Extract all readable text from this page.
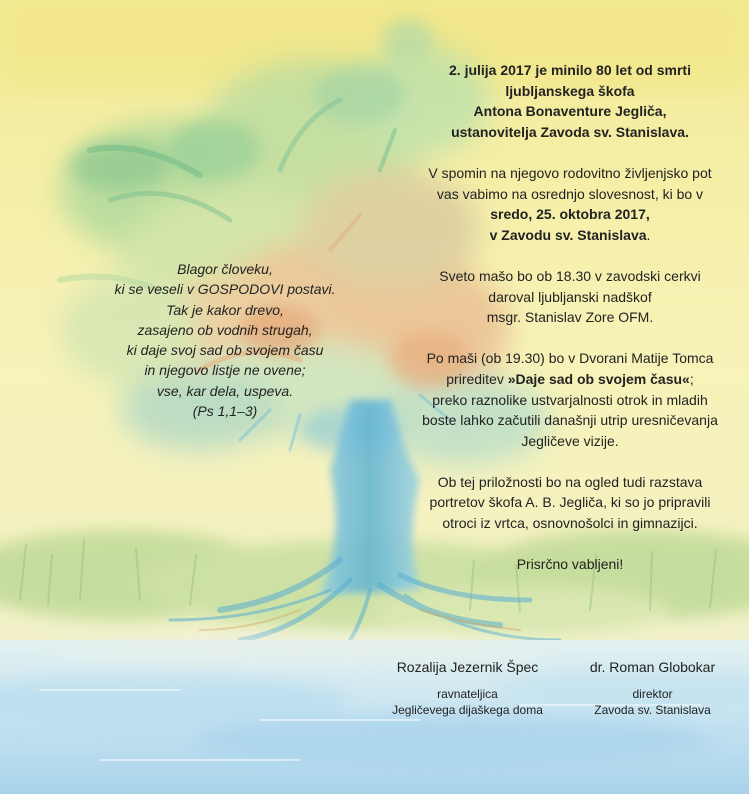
Blagor človeku,
ki se veseli v GOSPODOVI postavi.
Tak je kakor drevo,
zasajeno ob vodnih strugah,
ki daje svoj sad ob svojem času
in njegovo listje ne ovene;
vse, kar dela, uspeva.
(Ps 1,1–3)
2. julija 2017 je minilo 80 let od smrti
ljubljanskega škofa
Antona Bonaventure Jegliča,
ustanovitelja Zavoda sv. Stanislava.
V spomin na njegovo rodovitno življenjsko pot
vas vabimo na osrednjo slovesnost, ki bo v
sredo, 25. oktobra 2017,
v Zavodu sv. Stanislava.
Sveto mašo bo ob 18.30 v zavodski cerkvi
daroval ljubljanski nadškof
msgr. Stanislav Zore OFM.
Po maši (ob 19.30) bo v Dvorani Matije Tomca
prireditev »Daje sad ob svojem času«;
preko raznolike ustvarjalnosti otrok in mladih
boste lahko začutili današnji utrip uresničevanja
Jegličeve vizije.
Ob tej priložnosti bo na ogled tudi razstava
portretov škofa A. B. Jegliča, ki so jo pripravili
otroci iz vrtca, osnovnošolci in gimnazijci.
Prisrčno vabljeni!
Rozalija Jezernik Špec
ravnateljica
Jegličevega dijaškega doma
dr. Roman Globokar
direktor
Zavoda sv. Stanislava
